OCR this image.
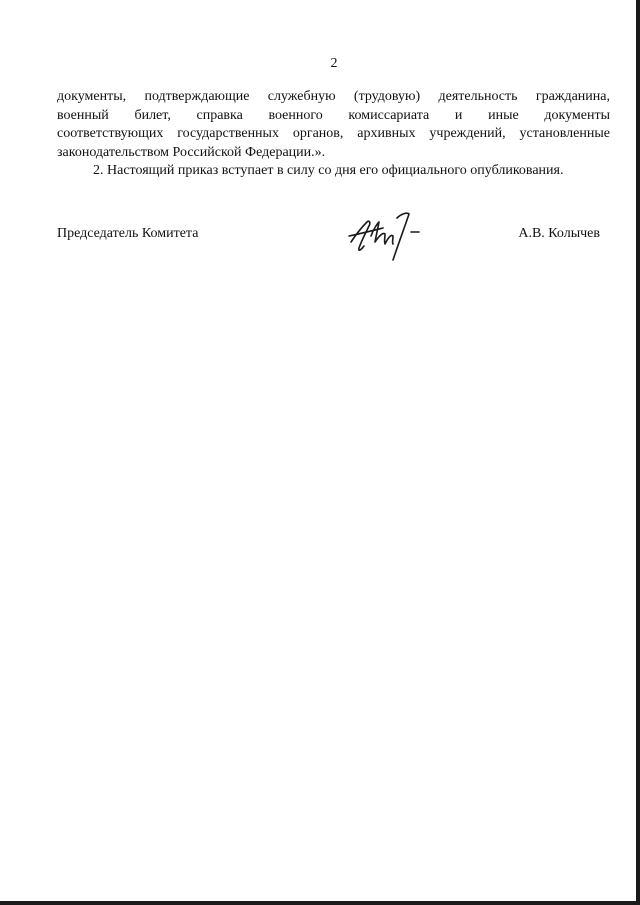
2
документы, подтверждающие служебную (трудовую) деятельность гражданина,
военный билет, справка военного комиссариата и иные документы
соответствующих государственных органов, архивных учреждений, установленные
законодательством Российской Федерации.».
2. Настоящий приказ вступает в силу со дня его официального опубликования.
Председатель Комитета	А.В. Колычев
